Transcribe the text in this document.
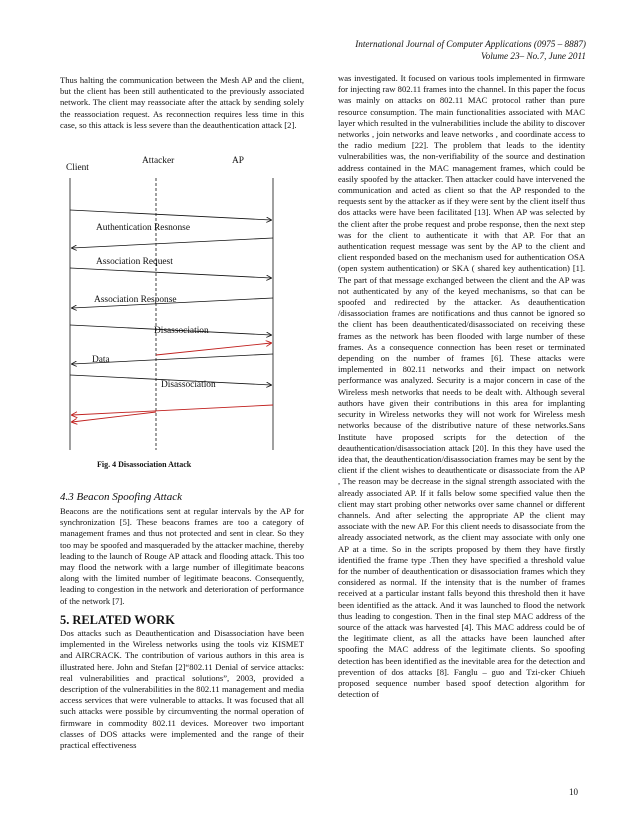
International Journal of Computer Applications (0975 – 8887)
Volume 23– No.7, June 2011

Thus halting the communication between the Mesh AP and the client, but the client has been still authenticated to the previously associated network. The client may reassociate after the attack by sending solely the reassociation request. As reconnection requires less time in this case, so this attack is less severe than the deauthentication attack [2].

Client
Attacker	AP
Authentication Resnonse
Association Request
Association Response
Disassociation
Data
Disassociation
Fig. 4 Disassociation Attack
4.3 Beacon Spoofing Attack

Beacons are the notifications sent at regular intervals by the AP for synchronization [5]. These beacons frames are too a category of management frames and thus not protected and sent in clear. So they too may be spoofed and masqueraded by the attacker machine, thereby leading to the launch of Rouge AP attack and flooding attack. This too may flood the network with a large number of illegitimate beacons along with the limited number of legitimate beacons. Consequently, leading to congestion in the network and deterioration of performance of the network [7].

5. RELATED WORK

Dos attacks such as Deauthentication and Disassociation have been implemented in the Wireless networks using the tools viz KISMET and AIRCRACK. The contribution of various authors in this area is illustrated here. John and Stefan [2]“802.11 Denial of service attacks: real vulnerabilities and practical solutions”, 2003, provided a description of the vulnerabilities in the 802.11 management and media access services that were vulnerable to attacks. It was focused that all such attacks were possible by circumventing the normal operation of firmware in commodity 802.11 devices. Moreover two important classes of DOS attacks were implemented and the range of their practical effectiveness

was investigated. It focused on various tools implemented in firmware for injecting raw 802.11 frames into the channel. In this paper the focus was mainly on attacks on 802.11 MAC protocol rather than pure resource consumption. The main functionalities associated with MAC layer which resulted in the vulnerabilities include the ability to discover networks , join networks and leave networks , and coordinate access to the radio medium [22]. The problem that leads to the identity vulnerabilities was, the non-verifiability of the source and destination address contained in the MAC management frames, which could be easily spoofed by the attacker. Then attacker could have intervened the communication and acted as client so that the AP responded to the requests sent by the attacker as if they were sent by the client itself thus dos attacks were have been facilitated [13]. When AP was selected by the client after the probe request and probe response, then the next step was for the client to authenticate it with that AP. For that an authentication request message was sent by the AP to the client and client responded based on the mechanism used for authentication OSA (open system authentication) or SKA ( shared key authentication) [1]. The part of that message exchanged between the client and the AP was not authenticated by any of the keyed mechanisms, so that can be spoofed and redirected by the attacker. As deauthentication /disassociation frames are notifications and thus cannot be ignored so the client has been deauthenticated/disassociated on receiving these frames as the network has been flooded with large number of these frames. As a consequence connection has been reset or terminated depending on the number of frames [6]. These attacks were implemented in 802.11 networks and their impact on network performance was analyzed. Security is a major concern in case of the Wireless mesh networks that needs to be dealt with. Although several authors have given their contributions in this area for implanting security in Wireless networks they will not work for Wireless mesh networks because of the distributive nature of these networks.Sans Institute have proposed scripts for the detection of the deauthentication/disassociation attack [20]. In this they have used the idea that, the deauthentication/disassociation frames may be sent by the client if the client wishes to deauthenticate or disassociate from the AP , The reason may be decrease in the signal strength associated with the already associated AP. If it falls below some specified value then the client may start probing other networks over same channel or different channels. And after selecting the appropriate AP the client may associate with the new AP. For this client needs to disassociate from the already associated network, as the client may associate with only one AP at a time. So in the scripts proposed by them they have firstly identified the frame type .Then they have specified a threshold value for the number of deauthentication or disassociation frames which they considered as normal. If the intensity that is the number of frames received at a particular instant falls beyond this threshold then it have been identified as the attack. And it was launched to flood the network thus leading to congestion. Then in the final step MAC address of the source of the attack was harvested [4]. This MAC address could be of the legitimate client, as all the attacks have been launched after spoofing the MAC address of the legitimate clients. So spoofing detection has been identified as the inevitable area for the detection and prevention of dos attacks [8]. Fanglu – guo and Tzi-cker Chiueh proposed sequence number based spoof detection algorithm for detection of

10
